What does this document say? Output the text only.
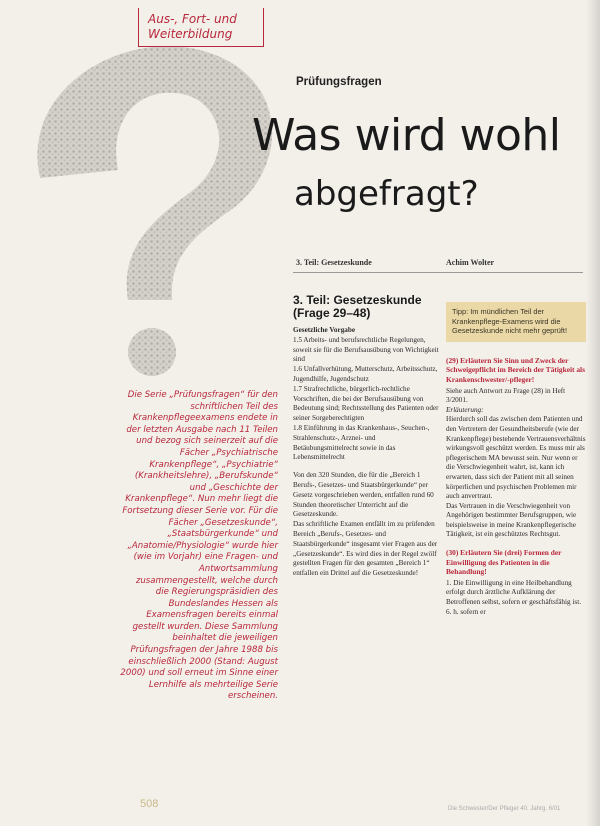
Aus-, Fort- und
Weiterbildung
Prüfungsfragen
Was wird wohl
abgefragt?
3. Teil: Gesetzeskunde	Achim Wolter
Die Serie „Prüfungsfragen“ für den schriftlichen Teil des Krankenpflegeexamens endete in der letzten Ausgabe nach 11 Teilen und bezog sich seinerzeit auf die Fächer „Psychiatrische Krankenpflege“, „Psychiatrie“ (Krankheitslehre), „Berufskunde“ und „Geschichte der Krankenpflege“. Nun mehr liegt die Fortsetzung dieser Serie vor. Für die Fächer „Gesetzeskunde“, „Staatsbürgerkunde“ und „Anatomie/Physiologie“ wurde hier (wie im Vorjahr) eine Fragen- und Antwortsammlung zusammengestellt, welche durch die Regierungspräsidien des Bundeslandes Hessen als Examensfragen bereits einmal gestellt wurden. Diese Sammlung beinhaltet die jeweiligen Prüfungsfragen der Jahre 1988 bis einschließlich 2000 (Stand: August 2000) und soll erneut im Sinne einer Lernhilfe als mehrteilige Serie erscheinen.
3. Teil: Gesetzeskunde (Frage 29–48)

Gesetzliche Vorgabe

1.5 Arbeits- und berufsrechtliche Regelungen, soweit sie für die Berufsausübung von Wichtigkeit sind

1.6 Unfallverhütung, Mutterschutz, Arbeitsschutz, Jugendhilfe, Jugendschutz

1.7 Strafrechtliche, bürgerlich-rechtliche Vorschriften, die bei der Berufsausübung von Bedeutung sind; Rechtsstellung des Patienten oder seiner Sorgeberechtigten

1.8 Einführung in das Krankenhaus-, Seuchen-, Strahlenschutz-, Arznei- und Betäubungsmittelrecht sowie in das Lebensmittelrecht

Von den 320 Stunden, die für die „Bereich 1 Berufs-, Gesetzes- und Staatsbürgerkunde“ per Gesetz vorgeschrieben werden, entfallen rund 60 Stunden theoretischer Unterricht auf die Gesetzeskunde.

Das schriftliche Examen entfällt im zu prüfenden Bereich „Berufs-, Gesetzes- und Staatsbürgerkunde“ insgesamt vier Fragen aus der „Gesetzeskunde“. Es wird dies in der Regel zwölf gestellten Fragen für den gesamten „Bereich 1“ entfallen ein Drittel auf die Gesetzeskunde!

Tipp: Im mündlichen Teil der Krankenpflege-Examens wird die Gesetzeskunde nicht mehr geprüft!

(29) Erläutern Sie Sinn und Zweck der Schweigepflicht im Bereich der Tätigkeit als Krankenschwester/-pfleger!

Siehe auch Antwort zu Frage (28) in Heft 3/2001.

Erläuterung:

Hierdurch soll das zwischen dem Patienten und den Vertretern der Gesundheitsberufe (wie der Krankenpflege) bestehende Vertrauensverhältnis wirkungsvoll geschützt werden. Es muss mir als pflegerischem MA bewusst sein. Nur wenn er die Verschwiegenheit wahrt, ist, kann ich erwarten, dass sich der Patient mit all seinen körperlichen und psychischen Problemen mir auch anvertraut.

Das Vertrauen in die Verschwiegenheit von Angehörigen bestimmter Berufsgruppen, wie beispielsweise in meine Krankenpflegerische Tätigkeit, ist ein geschütztes Rechtsgut.

(30) Erläutern Sie (drei) Formen der Einwilligung des Patienten in die Behandlung!

1. Die Einwilligung in eine Heilbehandlung erfolgt durch ärztliche Aufklärung der Betroffenen selbst, sofern er geschäftsfähig ist. 6. h. sofern er

508	Die Schwester/Der Pfleger 40. Jahrg. 6/01
